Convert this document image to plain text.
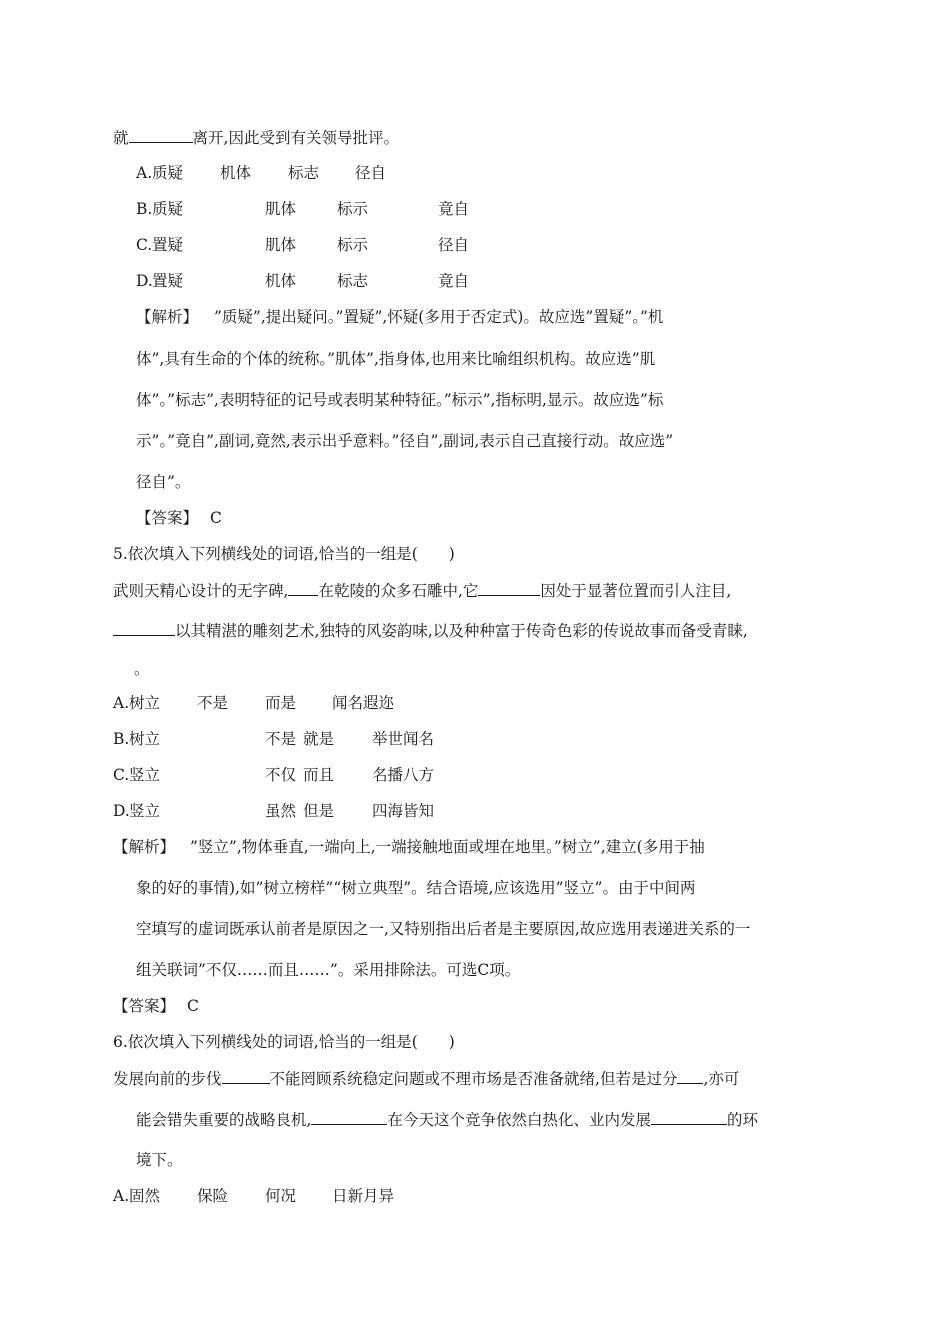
就	离开,因此受到有关领导批评。
A. 质疑 机体 标志 径自
B. 质疑	肌体	标示	竟自
C. 置疑	肌体	标示	径自
D. 置疑	机体	标志	竟自
【解析】 ”质疑”,提出疑问。”置疑”,怀疑(多用于否定式)。故应选”置疑”。”机
体”,具有生命的个体的统称。”肌体”,指身体,也用来比喻组织机构。故应选”肌
体”。”标志”,表明特征的记号或表明某种特征。”标示”,指标明,显示。故应选”标
示”。”竟自”,副词,竟然,表示出乎意料。”径自”,副词,表示自己直接行动。故应选”
径自”。
【答案】 C
5.依次填入下列横线处的词语,恰当的一组是(　　)
武则天精心设计的无字碑, 在乾陵的众多石雕中,它	因处于显著位置而引人注目,
以其精湛的雕刻艺术,独特的风姿韵味,以及种种富于传奇色彩的传说故事而备受青睐,
。
A. 树立 不是 而是 闻名遐迩
B. 树立	不是 就是 举世闻名
C. 竖立	不仅 而且 名播八方
D. 竖立	虽然 但是 四海皆知
【解析】 ”竖立”,物体垂直,一端向上,一端接触地面或埋在地里。”树立”,建立(多用于抽
象的好的事情),如”树立榜样”“树立典型”。结合语境,应该选用”竖立”。由于中间两
空填写的虚词既承认前者是原因之一,又特别指出后者是主要原因,故应选用表递进关系的一
组关联词”不仅……而且……”。采用排除法。可选C项。
【答案】 C
6.依次填入下列横线处的词语,恰当的一组是(　　)
发展向前的步伐	不能罔顾系统稳定问题或不理市场是否准备就绪,但若是过分 ,亦可
能会错失重要的战略良机,	在今天这个竞争依然白热化、业内发展	的环
境下。
A. 固然 保险 何况 日新月异
